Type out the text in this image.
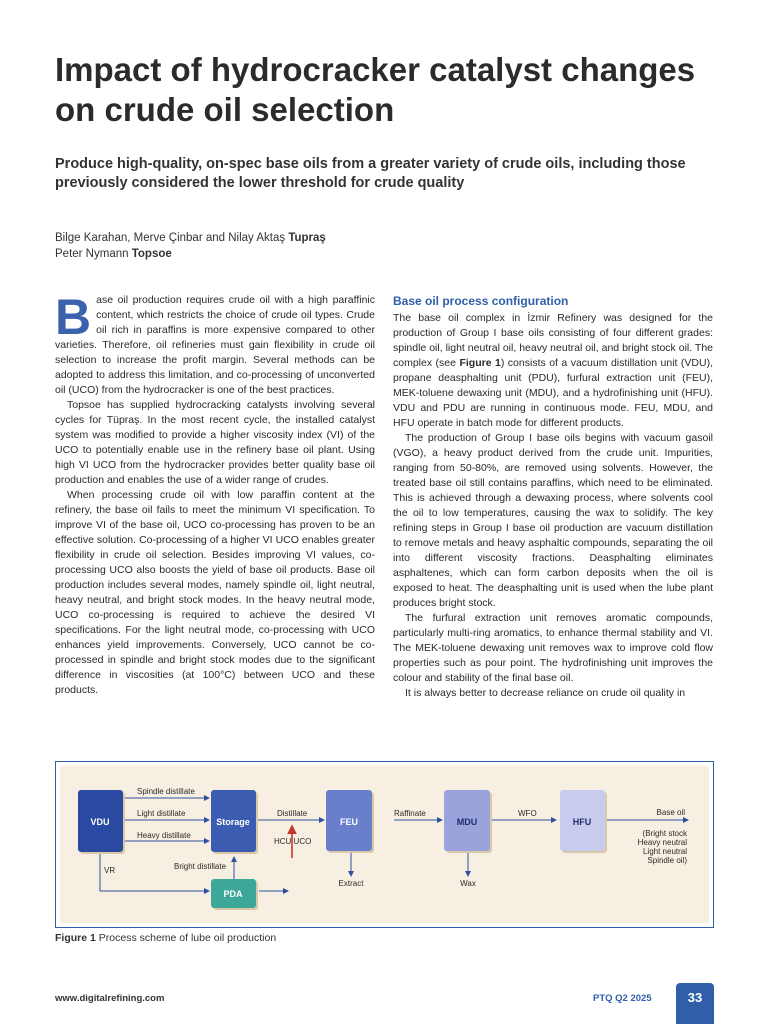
Impact of hydrocracker catalyst changes on crude oil selection

Produce high-quality, on-spec base oils from a greater variety of crude oils, including those previously considered the lower threshold for crude quality

Bilge Karahan, Merve Çinbar and Nilay Aktaş Tupraş
Peter Nymann Topsoe

Base oil production requires crude oil with a high paraffinic content, which restricts the choice of crude oil types. Crude oil rich in paraffins is more expensive compared to other varieties. Therefore, oil refineries must gain flexibility in crude oil selection to increase the profit margin. Several methods can be adopted to address this limitation, and co-processing of unconverted oil (UCO) from the hydrocracker is one of the best practices.

Topsoe has supplied hydrocracking catalysts involving several cycles for Tüpraş. In the most recent cycle, the installed catalyst system was modified to provide a higher viscosity index (VI) of the UCO to potentially enable use in the refinery base oil plant. Using high VI UCO from the hydrocracker provides better quality base oil production and enables the use of a wider range of crudes.

When processing crude oil with low paraffin content at the refinery, the base oil fails to meet the minimum VI specification. To improve VI of the base oil, UCO co-processing has proven to be an effective solution. Co-processing of a higher VI UCO enables greater flexibility in crude oil selection. Besides improving VI values, co-processing UCO also boosts the yield of base oil products. Base oil production includes several modes, namely spindle oil, light neutral, heavy neutral, and bright stock modes. In the heavy neutral mode, UCO co-processing is required to achieve the desired VI specifications. For the light neutral mode, co-processing with UCO enhances yield improvements. Conversely, UCO cannot be co-processed in spindle and bright stock modes due to the significant difference in viscosities (at 100°C) between UCO and these products.

Base oil process configuration

The base oil complex in İzmir Refinery was designed for the production of Group I base oils consisting of four different grades: spindle oil, light neutral oil, heavy neutral oil, and bright stock oil. The complex (see Figure 1) consists of a vacuum distillation unit (VDU), propane deasphalting unit (PDU), furfural extraction unit (FEU), MEK-toluene dewaxing unit (MDU), and a hydrofinishing unit (HFU). VDU and PDU are running in continuous mode. FEU, MDU, and HFU operate in batch mode for different products.

The production of Group I base oils begins with vacuum gasoil (VGO), a heavy product derived from the crude unit. Impurities, ranging from 50-80%, are removed using solvents. However, the treated base oil still contains paraffins, which need to be eliminated. This is achieved through a dewaxing process, where solvents cool the oil to low temperatures, causing the wax to solidify. The key refining steps in Group I base oil production are vacuum distillation to remove metals and heavy asphaltic compounds, separating the oil into different viscosity fractions. Deasphalting eliminates asphaltenes, which can form carbon deposits when the oil is exposed to heat. The deasphalting unit is used when the lube plant produces bright stock.

The furfural extraction unit removes aromatic compounds, particularly multi-ring aromatics, to enhance thermal stability and VI. The MEK-toluene dewaxing unit removes wax to improve cold flow properties such as pour point. The hydrofinishing unit improves the colour and stability of the final base oil.

It is always better to decrease reliance on crude oil quality in

VDU	Storage	FEU	MDU	HFU
PDA
Spindle distillate
Light distillate
Heavy distillate
Bright distillate
VR
Distillate
HCU UCO
Raffinate	WFO	Base oil
Extract	Wax
(Bright stock
Heavy neutral
Light neutral
Spindle oil)
Figure 1 Process scheme of lube oil production
www.digitalrefining.com	PTQ Q2 2025	33
